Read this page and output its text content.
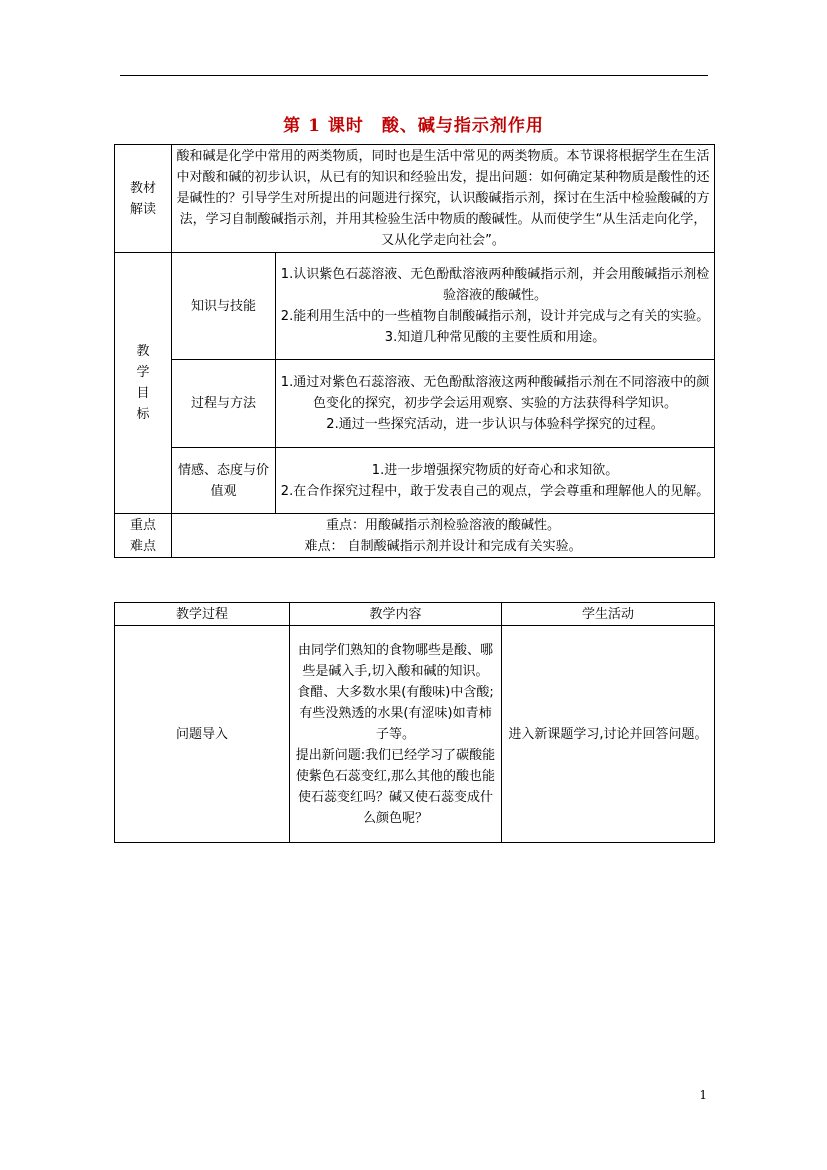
第 1 课时　酸、碱与指示剂作用
教材
解读	酸和碱是化学中常用的两类物质，同时也是生活中常见的两类物质。本节课将根据学生在生活中对酸和碱的初步认识，从已有的知识和经验出发，提出问题：如何确定某种物质是酸性的还是碱性的？引导学生对所提出的问题进行探究，认识酸碱指示剂，探讨在生活中检验酸碱的方法，学习自制酸碱指示剂，并用其检验生活中物质的酸碱性。从而使学生“从生活走向化学，又从化学走向社会”。	

教
学
目
标	知识与技能	1.认识紫色石蕊溶液、无色酚酞溶液两种酸碱指示剂，并会用酸碱指示剂检验溶液的酸碱性。
2.能利用生活中的一些植物自制酸碱指示剂，设计并完成与之有关的实验。
3.知道几种常见酸的主要性质和用途。

	过程与方法	1.通过对紫色石蕊溶液、无色酚酞溶液这两种酸碱指示剂在不同溶液中的颜色变化的探究，初步学会运用观察、实验的方法获得科学知识。
2.通过一些探究活动，进一步认识与体验科学探究的过程。

	情感、态度与价值观	1.进一步增强探究物质的好奇心和求知欲。
2.在合作探究过程中，敢于发表自己的观点，学会尊重和理解他人的见解。

重点
难点	重点：用酸碱指示剂检验溶液的酸碱性。
难点： 自制酸碱指示剂并设计和完成有关实验。	
教学过程	教学内容	学生活动
问题导入	由同学们熟知的食物哪些是酸、哪些是碱入手,切入酸和碱的知识。
食醋、大多数水果(有酸味)中含酸;有些没熟透的水果(有涩味)如青柿子等。
提出新问题:我们已经学习了碳酸能使紫色石蕊变红,那么其他的酸也能使石蕊变红吗？碱又使石蕊变成什么颜色呢？	进入新课题学习,讨论并回答问题。
1
